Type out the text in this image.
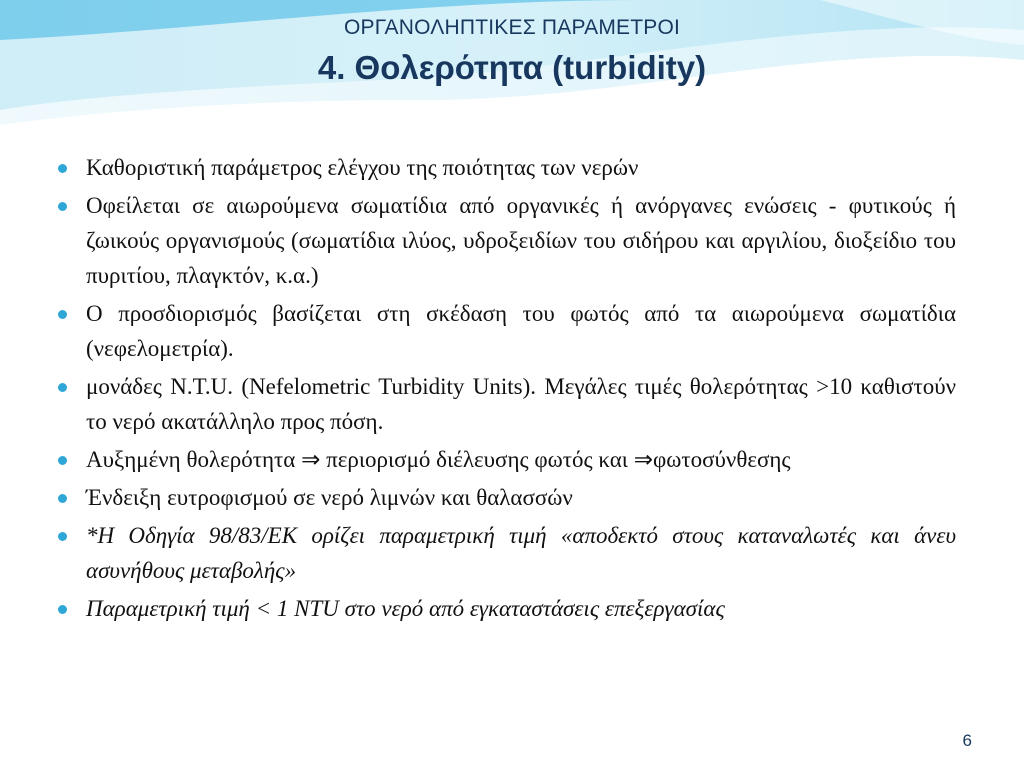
ΟΡΓΑΝΟΛΗΠΤΙΚΕΣ ΠΑΡΑΜΕΤΡΟΙ
4. Θολερότητα (turbidity)
Καθοριστική παράμετρος ελέγχου της ποιότητας των νερών
Οφείλεται σε αιωρούμενα σωματίδια από οργανικές ή ανόργανες ενώσεις - φυτικούς ή ζωικούς οργανισμούς (σωματίδια ιλύος, υδροξειδίων του σιδήρου και αργιλίου, διοξείδιο του πυριτίου, πλαγκτόν, κ.α.)
Ο προσδιορισμός βασίζεται στη σκέδαση του φωτός από τα αιωρούμενα σωματίδια (νεφελομετρία).
μονάδες N.T.U. (Nefelometric Turbidity Units). Μεγάλες τιμές θολερότητας >10 καθιστούν το νερό ακατάλληλο προς πόση.
Αυξημένη θολερότητα ⇒ περιορισμό διέλευσης φωτός και ⇒φωτοσύνθεσης
Ένδειξη ευτροφισμού σε νερό λιμνών και θαλασσών
*Η Οδηγία 98/83/ΕΚ ορίζει παραμετρική τιμή «αποδεκτό στους καταναλωτές και άνευ ασυνήθους μεταβολής»
Παραμετρική τιμή < 1 NTU στο νερό από εγκαταστάσεις επεξεργασίας
6
